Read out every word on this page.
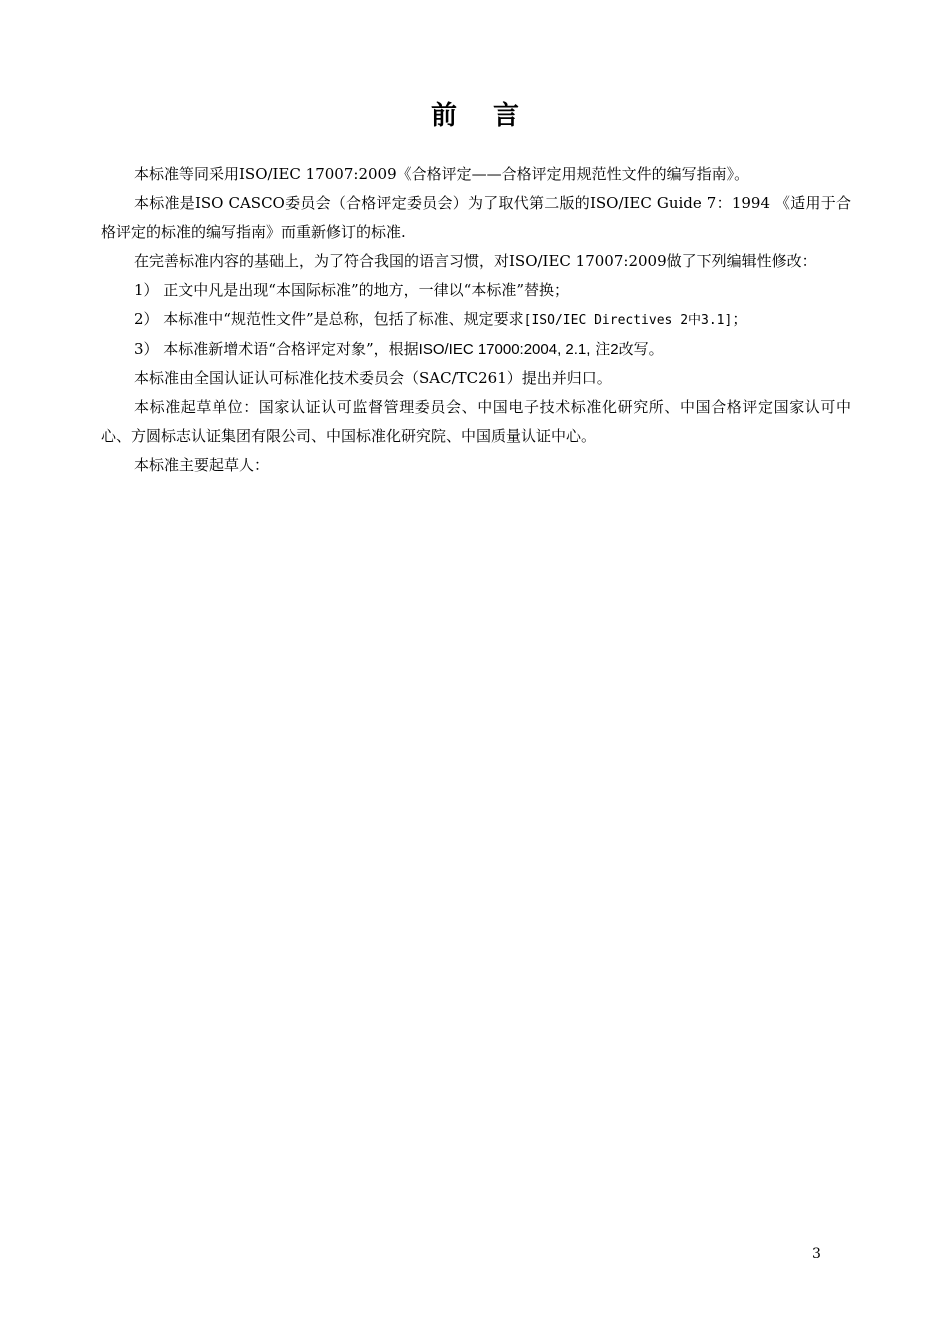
前言

本标准等同采用ISO/IEC 17007:2009《合格评定——合格评定用规范性文件的编写指南》。

本标准是ISO CASCO委员会（合格评定委员会）为了取代第二版的ISO/IEC Guide 7：1994 《适用于合格评定的标准的编写指南》而重新修订的标准.

在完善标准内容的基础上，为了符合我国的语言习惯，对ISO/IEC 17007:2009做了下列编辑性修改：

1） 正文中凡是出现“本国际标准”的地方，一律以“本标准”替换；

2） 本标准中“规范性文件”是总称，包括了标准、规定要求[ISO/IEC Directives 2中3.1]；

3） 本标准新增术语“合格评定对象”，根据ISO/IEC 17000:2004, 2.1, 注2改写。

本标准由全国认证认可标准化技术委员会（SAC/TC261）提出并归口。

本标准起草单位：国家认证认可监督管理委员会、中国电子技术标准化研究所、中国合格评定国家认可中心、方圆标志认证集团有限公司、中国标准化研究院、中国质量认证中心。

本标准主要起草人：

3
